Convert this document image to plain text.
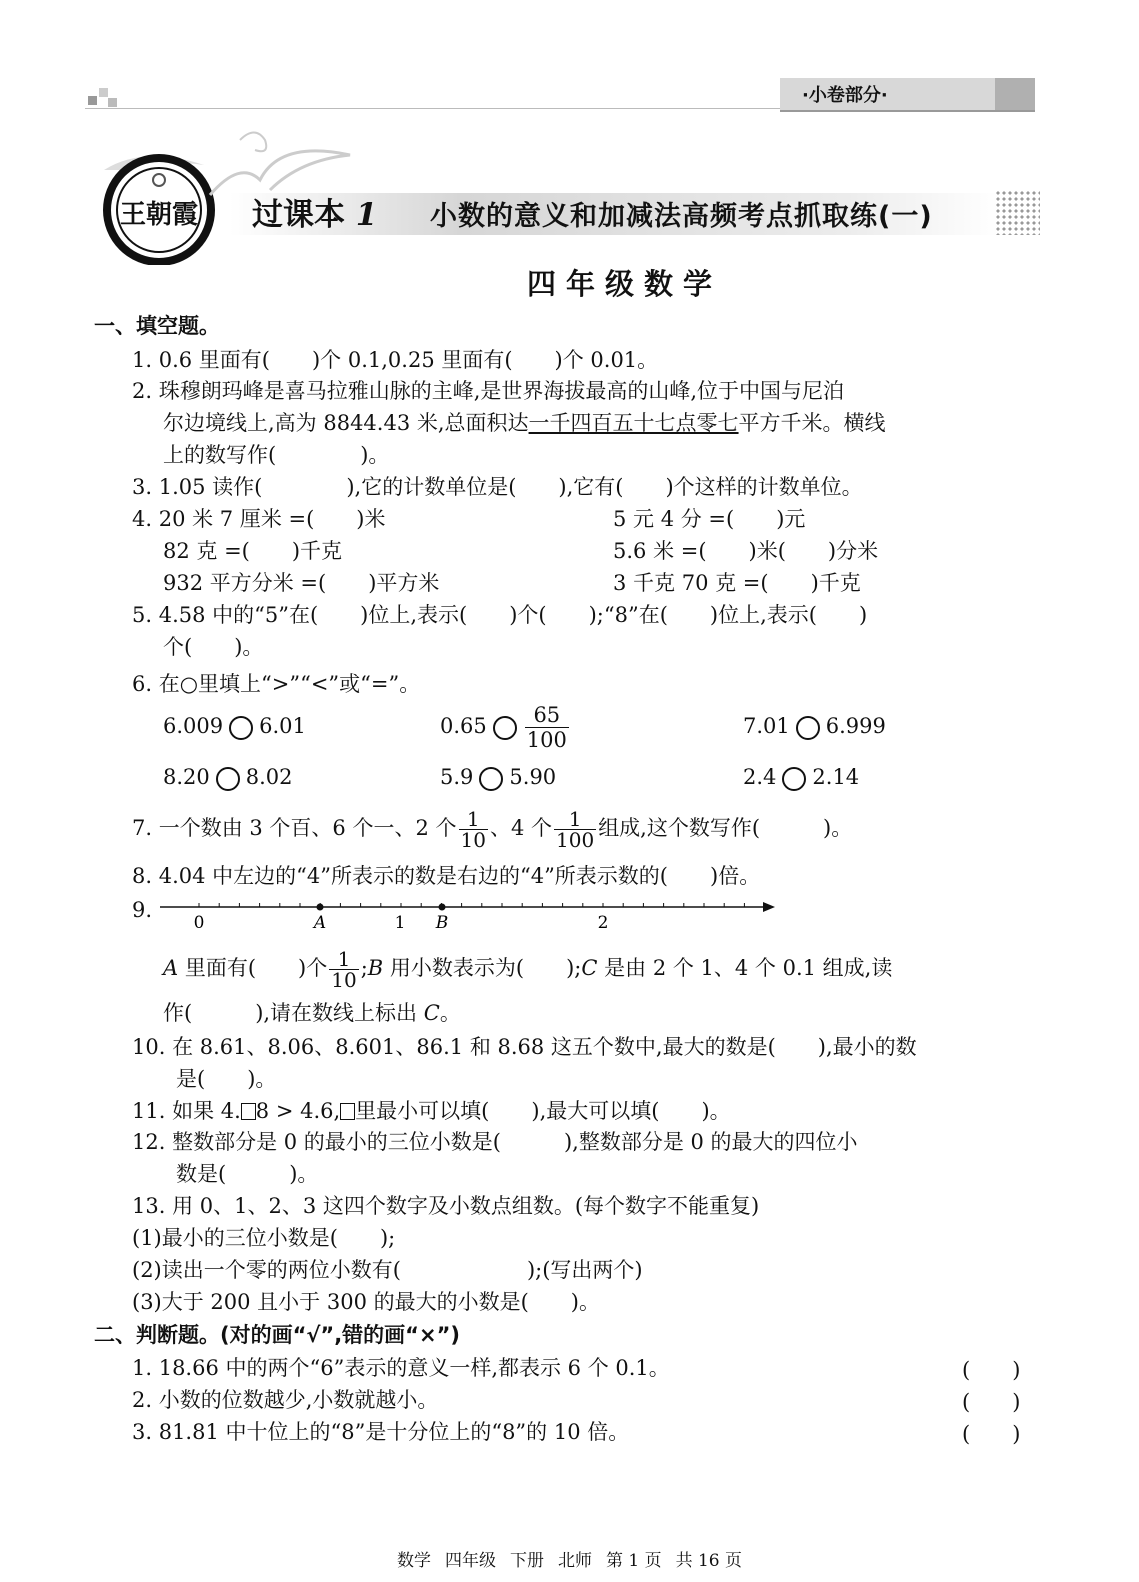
·小卷部分·
王朝霞 过课本 1 小数的意义和加减法高频考点抓取练(一)
四年级数学
一、填空题。
1. 0.6 里面有(　　)个 0.1,0.25 里面有(　　)个 0.01。
2. 珠穆朗玛峰是喜马拉雅山脉的主峰,是世界海拔最高的山峰,位于中国与尼泊
尔边境线上,高为 8844.43 米,总面积达一千四百五十七点零七平方千米。横线
上的数写作(　　　　)。
3. 1.05 读作(　　　　),它的计数单位是(　　),它有(　　)个这样的计数单位。
4. 20 米 7 厘米 =(　　)米	5 元 4 分 =(　　)元
82 克 =(　　)千克	5.6 米 =(　　)米(　　)分米
932 平方分米 =(　　)平方米	3 千克 70 克 =(　　)千克
5. 4.58 中的“5”在(　　)位上,表示(　　)个(　　);“8”在(　　)位上,表示(　　)
个(　　)。
6. 在○里填上“>”“<”或“=”。
6.009 6.01	$0.65 \frac{65}{100}$	7.01 6.999
8.20 8.02	5.9 5.90	2.4 2.14
7. 一个数由 3 个百、6 个一、2 个 $\frac{1}{10}$ 、4 个 $\frac{1}{100}$ 组成,这个数写作(　　　)。
8. 4.04 中左边的“4”所表示的数是右边的“4”所表示数的(　　)倍。
9.
0	A	1 B	2
A 里面有(　　)个 $\frac{1}{10}$ ;B 用小数表示为(　　);C 是由 2 个 1、4 个 0.1 组成,读
作(　　　),请在数线上标出 C。
10. 在 8.61、8.06、8.601、86.1 和 8.68 这五个数中,最大的数是(　　),最小的数
是(　　)。
11. 如果 4. 8 > 4.6, 里最小可以填(　　),最大可以填(　　)。
12. 整数部分是 0 的最小的三位小数是(　　　),整数部分是 0 的最大的四位小
数是(　　　)。
13. 用 0、1、2、3 这四个数字及小数点组数。(每个数字不能重复)
(1)最小的三位小数是(　　);
(2)读出一个零的两位小数有(　　　　　　);(写出两个)
(3)大于 200 且小于 300 的最大的小数是(　　)。
二、判断题。(对的画“√”,错的画“×”)
1. 18.66 中的两个“6”表示的意义一样,都表示 6 个 0.1。	(　　)
2. 小数的位数越少,小数就越小。	(　　)
3. 81.81 中十位上的“8”是十分位上的“8”的 10 倍。	(　　)
数学 四年级 下册 北师 第 1 页 共 16 页
